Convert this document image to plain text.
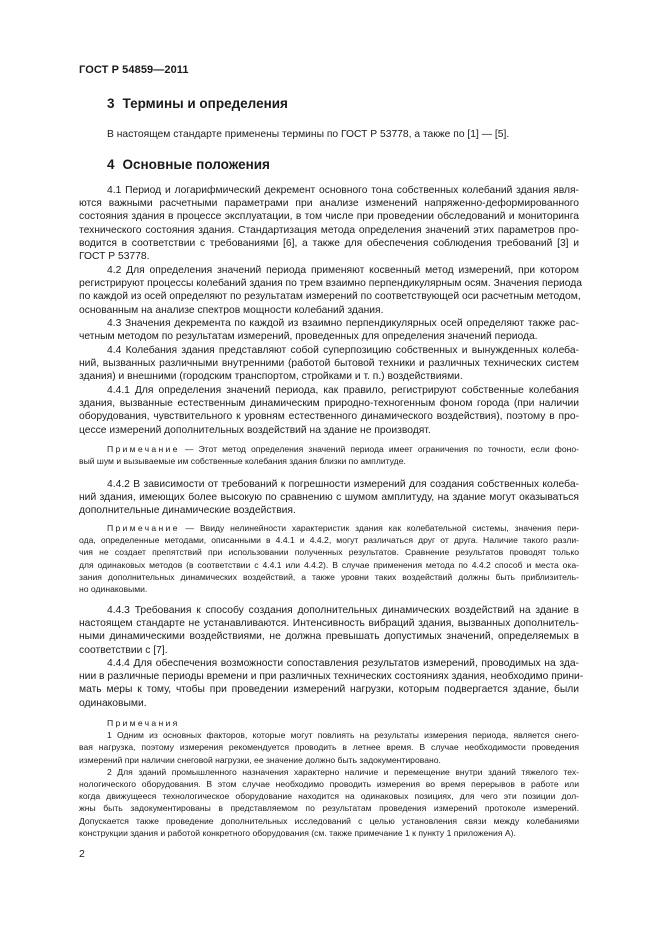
ГОСТ Р 54859—2011
3 Термины и определения
В настоящем стандарте применены термины по ГОСТ Р 53778, а также по [1] — [5].
4 Основные положения
4.1 Период и логарифмический декремент основного тона собственных колебаний здания явля-
ются важными расчетными параметрами при анализе изменений напряженно-деформированного
состояния здания в процессе эксплуатации, в том числе при проведении обследований и мониторинга
технического состояния здания. Стандартизация метода определения значений этих параметров про-
водится в соответствии с требованиями [6], а также для обеспечения соблюдения требований [3] и
ГОСТ Р 53778.
4.2 Для определения значений периода применяют косвенный метод измерений, при котором
регистрируют процессы колебаний здания по трем взаимно перпендикулярным осям. Значения периода
по каждой из осей определяют по результатам измерений по соответствующей оси расчетным методом,
основанным на анализе спектров мощности колебаний здания.
4.3 Значения декремента по каждой из взаимно перпендикулярных осей определяют также рас-
четным методом по результатам измерений, проведенных для определения значений периода.
4.4 Колебания здания представляют собой суперпозицию собственных и вынужденных колеба-
ний, вызванных различными внутренними (работой бытовой техники и различных технических систем
здания) и внешними (городским транспортом, стройками и т. п.) воздействиями.
4.4.1 Для определения значений периода, как правило, регистрируют собственные колебания
здания, вызванные естественным динамическим природно-техногенным фоном города (при наличии
оборудования, чувствительного к уровням естественного динамического воздействия), поэтому в про-
цессе измерений дополнительных воздействий на здание не производят.
Примечание — Этот метод определения значений периода имеет ограничения по точности, если фоно-
вый шум и вызываемые им собственные колебания здания близки по амплитуде.
4.4.2 В зависимости от требований к погрешности измерений для создания собственных колеба-
ний здания, имеющих более высокую по сравнению с шумом амплитуду, на здание могут оказываться
дополнительные динамические воздействия.
Примечание — Ввиду нелинейности характеристик здания как колебательной системы, значения пери-
ода, определенные методами, описанными в 4.4.1 и 4.4.2, могут различаться друг от друга. Наличие такого разли-
чия не создает препятствий при использовании полученных результатов. Сравнение результатов проводят только
для одинаковых методов (в соответствии с 4.4.1 или 4.4.2). В случае применения метода по 4.4.2 способ и места ока-
зания дополнительных динамических воздействий, а также уровни таких воздействий должны быть приблизитель-
но одинаковыми.
4.4.3 Требования к способу создания дополнительных динамических воздействий на здание в
настоящем стандарте не устанавливаются. Интенсивность вибраций здания, вызванных дополнитель-
ными динамическими воздействиями, не должна превышать допустимых значений, определяемых в
соответствии с [7].
4.4.4 Для обеспечения возможности сопоставления результатов измерений, проводимых на зда-
нии в различные периоды времени и при различных технических состояниях здания, необходимо прини-
мать меры к тому, чтобы при проведении измерений нагрузки, которым подвергается здание, были
одинаковыми.
Примечания
1 Одним из основных факторов, которые могут повлиять на результаты измерения периода, является снего-
вая нагрузка, поэтому измерения рекомендуется проводить в летнее время. В случае необходимости проведения
измерений при наличии снеговой нагрузки, ее значение должно быть задокументировано.
2 Для зданий промышленного назначения характерно наличие и перемещение внутри зданий тяжелого тех-
нологического оборудования. В этом случае необходимо проводить измерения во время перерывов в работе или
когда движущееся технологическое оборудование находится на одинаковых позициях, для чего эти позиции дол-
жны быть задокументированы в представляемом по результатам проведения измерений протоколе измерений.
Допускается также проведение дополнительных исследований с целью установления связи между колебаниями
конструкции здания и работой конкретного оборудования (см. также примечание 1 к пункту 1 приложения А).
2
